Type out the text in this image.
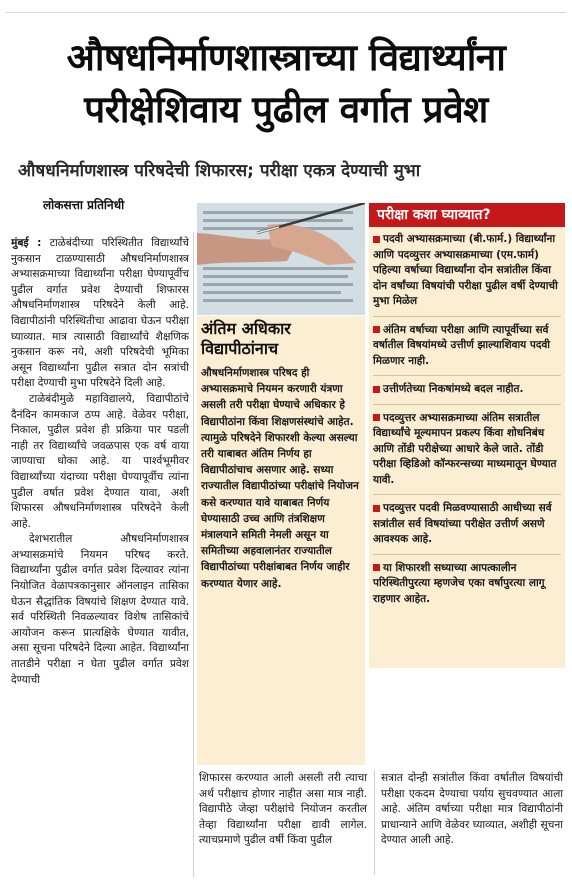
औषधनिर्माणशास्त्राच्या विद्यार्थ्यांना
परीक्षेशिवाय पुढील वर्गात प्रवेश
औषधनिर्माणशास्त्र परिषदेची शिफारस; परीक्षा एकत्र देण्याची मुभा
लोकसत्ता प्रतिनिधी

मुंबई : टाळेबंदीच्या परिस्थितीत विद्यार्थ्यांचे नुकसान टाळण्यासाठी औषधनिर्माणशास्त्र अभ्यासक्रमाच्या विद्यार्थ्यांना परीक्षा घेण्यापूर्वीच पुढील वर्गात प्रवेश देण्याची शिफारस औषधनिर्माणशास्त्र परिषदेने केली आहे. विद्यापीठांनी परिस्थितीचा आढावा घेऊन परीक्षा घ्याव्यात. मात्र त्यासाठी विद्यार्थ्यांचे शैक्षणिक नुकसान करू नये, अशी परिषदेची भूमिका असून विद्यार्थ्यांना पुढील सत्रात दोन सत्रांची परीक्षा देण्याची मुभा परिषदेने दिली आहे.

टाळेबंदीमुळे महाविद्यालये, विद्यापीठांचे दैनंदिन कामकाज ठप्प आहे. वेळेवर परीक्षा, निकाल, पुढील प्रवेश ही प्रक्रिया पार पडली नाही तर विद्यार्थ्यांचे जवळपास एक वर्ष वाया जाण्याचा धोका आहे. या पार्श्वभूमीवर विद्यार्थ्यांच्या यंदाच्या परीक्षा घेण्यापूर्वीच त्यांना पुढील वर्षात प्रवेश देण्यात यावा, अशी शिफारस औषधनिर्माणशास्त्र परिषदेने केली आहे.

देशभरातील औषधनिर्माणशास्त्र अभ्यासक्रमांचे नियमन परिषद करते. विद्यार्थ्यांना पुढील वर्गात प्रवेश दिल्यावर त्यांना नियोजित वेळापत्रकानुसार ऑनलाइन तासिका घेऊन सैद्धांतिक विषयांचे शिक्षण देण्यात यावे. सर्व परिस्थिती निवळल्यावर विशेष तासिकांचे आयोजन करून प्रात्यक्षिके घेण्यात यावीत, असा सूचना परिषदेने दिल्या आहेत. विद्यार्थ्यांना तातडीने परीक्षा न घेता पुढील वर्गात प्रवेश देण्याची

अंतिम अधिकार विद्यापीठांनाच
औषधनिर्माणशास्त्र परिषद ही अभ्यासक्रमाचे नियमन करणारी यंत्रणा असली तरी परीक्षा घेण्याचे अधिकार हे विद्यापीठांना किंवा शिक्षणसंस्थांचे आहेत. त्यामुळे परिषदेने शिफारशी केल्या असल्या तरी याबाबत अंतिम निर्णय हा विद्यापीठांचाच असणार आहे. सध्या राज्यातील विद्यापीठांच्या परीक्षांचे नियोजन कसे करण्यात यावे याबाबत निर्णय घेण्यासाठी उच्च आणि तंत्रशिक्षण मंत्रालयाने समिती नेमली असून या समितीच्या अहवालानंतर राज्यातील विद्यापीठांच्या परीक्षांबाबत निर्णय जाहीर करण्यात येणार आहे.
परीक्षा कशा घ्याव्यात?
पदवी अभ्यासक्रमाच्या (बी.फार्म.) विद्यार्थ्यांना आणि पदव्युत्तर अभ्यासक्रमाच्या (एम.फार्म) पहिल्या वर्षाच्या विद्यार्थ्यांना दोन सत्रांतील किंवा दोन वर्षांच्या विषयांची परीक्षा पुढील वर्षी देण्याची मुभा मिळेल
अंतिम वर्षाच्या परीक्षा आणि त्यापूर्वीच्या सर्व वर्षातील विषयांमध्ये उत्तीर्ण झाल्याशिवाय पदवी मिळणार नाही.
उत्तीर्णतेच्या निकषांमध्ये बदल नाहीत.
पदव्युत्तर अभ्यासक्रमाच्या अंतिम सत्रातील विद्यार्थ्यांचे मूल्यमापन प्रकल्प किंवा शोधनिबंध आणि तोंडी परीक्षेच्या आधारे केले जाते. तोंडी परीक्षा व्हिडिओ कॉन्फरन्सच्या माध्यमातून घेण्यात यावी.
पदव्युत्तर पदवी मिळवण्यासाठी आधीच्या सर्व सत्रांतील सर्व विषयांच्या परीक्षेत उत्तीर्ण असणे आवश्यक आहे.
या शिफारशी सध्याच्या आपत्कालीन परिस्थितीपुरत्या म्हणजेच एका वर्षापुरत्या लागू राहणार आहेत.
शिफारस करण्यात आली असली तरी त्याचा अर्थ परीक्षाच होणार नाहीत असा मात्र नाही. विद्यापीठे जेव्हा परीक्षांचे नियोजन करतील तेव्हा विद्यार्थ्यांना परीक्षा द्यावी लागेल. त्याचप्रमाणे पुढील वर्षी किंवा पुढील
सत्रात दोन्ही सत्रांतील किंवा वर्षातील विषयांची परीक्षा एकदम देण्याचा पर्याय सुचवण्यात आला आहे. अंतिम वर्षाच्या परीक्षा मात्र विद्यापीठांनी प्राधान्याने आणि वेळेवर घ्याव्यात, अशीही सूचना देण्यात आली आहे.
